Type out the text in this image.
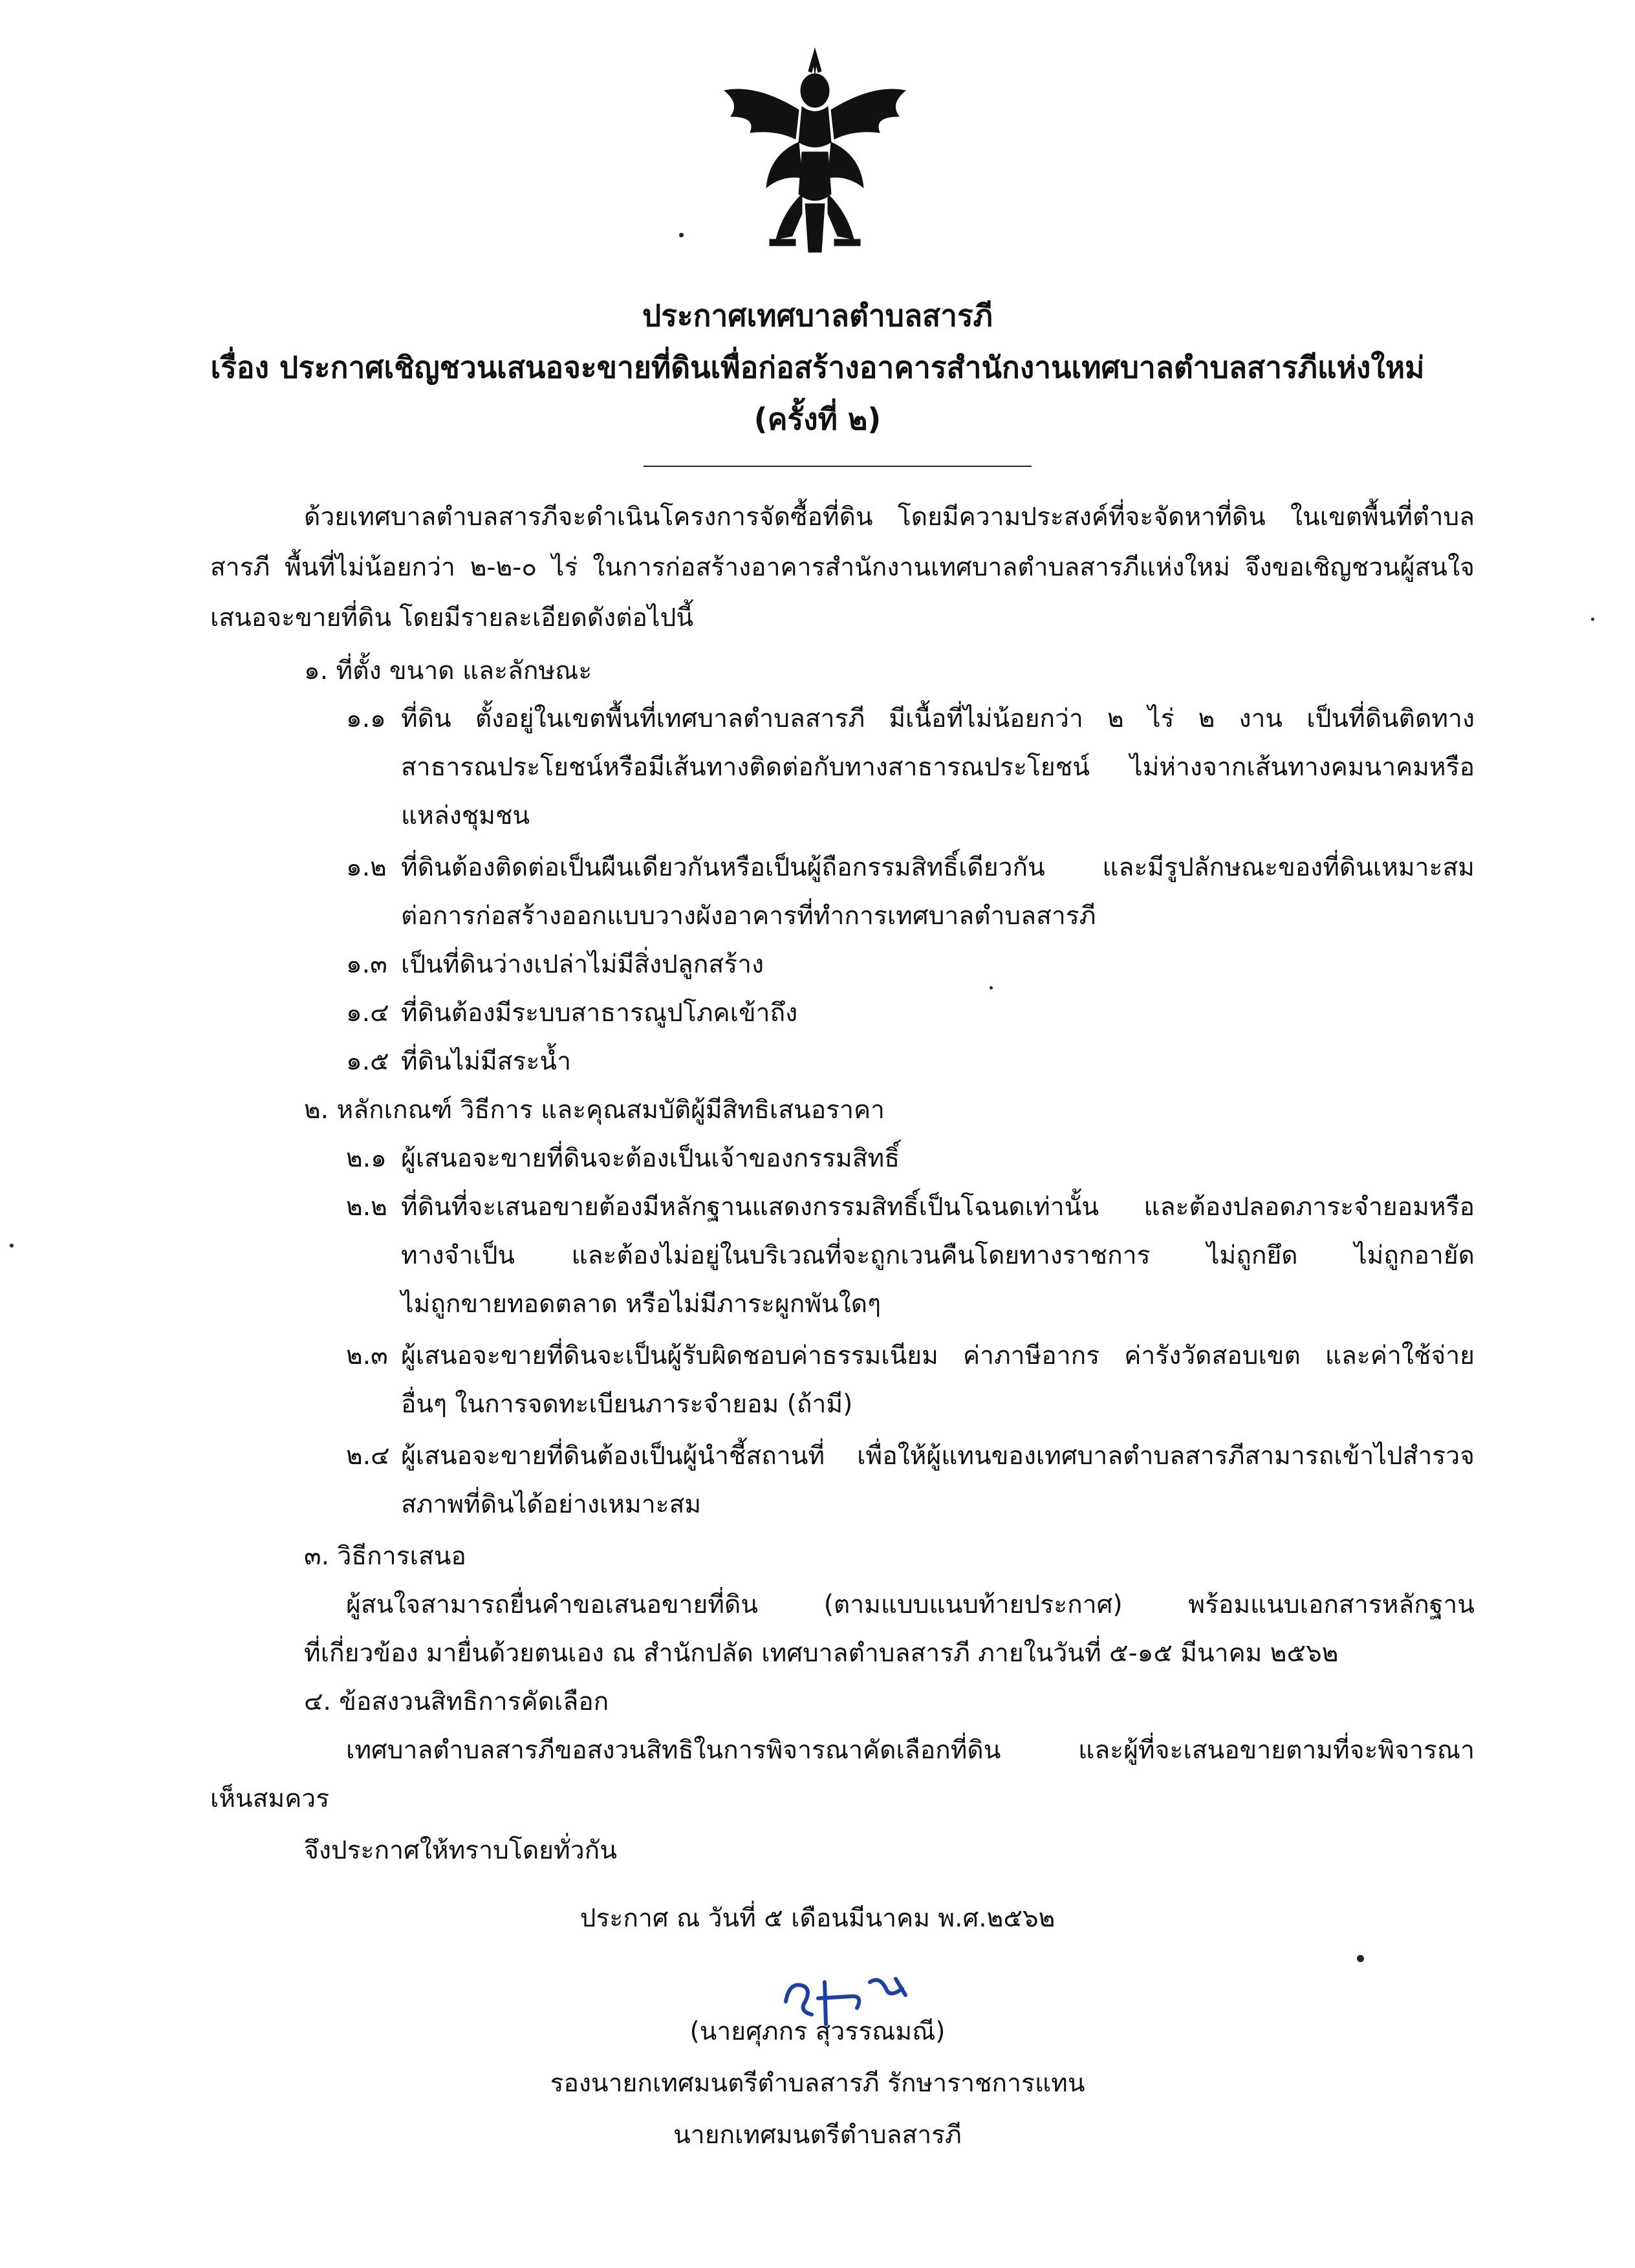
ประกาศเทศบาลตำบลสารภี
เรื่อง ประกาศเชิญชวนเสนอจะขายที่ดินเพื่อก่อสร้างอาคารสำนักงานเทศบาลตำบลสารภีแห่งใหม่
(ครั้งที่ ๒)
ด้วยเทศบาลตำบลสารภีจะดำเนินโครงการจัดซื้อที่ดิน โดยมีความประสงค์ที่จะจัดหาที่ดิน ในเขตพื้นที่ตำบล
สารภี พื้นที่ไม่น้อยกว่า ๒-๒-๐ ไร่ ในการก่อสร้างอาคารสำนักงานเทศบาลตำบลสารภีแห่งใหม่ จึงขอเชิญชวนผู้สนใจ
เสนอจะขายที่ดิน โดยมีรายละเอียดดังต่อไปนี้
๑. ที่ตั้ง ขนาด และลักษณะ
๑.๑ ที่ดิน ตั้งอยู่ในเขตพื้นที่เทศบาลตำบลสารภี มีเนื้อที่ไม่น้อยกว่า ๒ ไร่ ๒ งาน เป็นที่ดินติดทาง
สาธารณประโยชน์หรือมีเส้นทางติดต่อกับทางสาธารณประโยชน์ ไม่ห่างจากเส้นทางคมนาคมหรือ
แหล่งชุมชน
๑.๒ ที่ดินต้องติดต่อเป็นผืนเดียวกันหรือเป็นผู้ถือกรรมสิทธิ์เดียวกัน และมีรูปลักษณะของที่ดินเหมาะสม
ต่อการก่อสร้างออกแบบวางผังอาคารที่ทำการเทศบาลตำบลสารภี
๑.๓ เป็นที่ดินว่างเปล่าไม่มีสิ่งปลูกสร้าง
๑.๔ ที่ดินต้องมีระบบสาธารณูปโภคเข้าถึง
๑.๕ ที่ดินไม่มีสระน้ำ
๒. หลักเกณฑ์ วิธีการ และคุณสมบัติผู้มีสิทธิเสนอราคา
๒.๑ ผู้เสนอจะขายที่ดินจะต้องเป็นเจ้าของกรรมสิทธิ์
๒.๒ ที่ดินที่จะเสนอขายต้องมีหลักฐานแสดงกรรมสิทธิ์เป็นโฉนดเท่านั้น และต้องปลอดภาระจำยอมหรือ
ทางจำเป็น และต้องไม่อยู่ในบริเวณที่จะถูกเวนคืนโดยทางราชการ ไม่ถูกยึด ไม่ถูกอายัด
ไม่ถูกขายทอดตลาด หรือไม่มีภาระผูกพันใดๆ
๒.๓ ผู้เสนอจะขายที่ดินจะเป็นผู้รับผิดชอบค่าธรรมเนียม ค่าภาษีอากร ค่ารังวัดสอบเขต และค่าใช้จ่าย
อื่นๆ ในการจดทะเบียนภาระจำยอม (ถ้ามี)
๒.๔ ผู้เสนอจะขายที่ดินต้องเป็นผู้นำชี้สถานที่ เพื่อให้ผู้แทนของเทศบาลตำบลสารภีสามารถเข้าไปสำรวจ
สภาพที่ดินได้อย่างเหมาะสม
๓. วิธีการเสนอ
ผู้สนใจสามารถยื่นคำขอเสนอขายที่ดิน (ตามแบบแนบท้ายประกาศ) พร้อมแนบเอกสารหลักฐาน
ที่เกี่ยวข้อง มายื่นด้วยตนเอง ณ สำนักปลัด เทศบาลตำบลสารภี ภายในวันที่ ๕-๑๕ มีนาคม ๒๕๖๒
๔. ข้อสงวนสิทธิการคัดเลือก
เทศบาลตำบลสารภีขอสงวนสิทธิในการพิจารณาคัดเลือกที่ดิน และผู้ที่จะเสนอขายตามที่จะพิจารณา
เห็นสมควร
จึงประกาศให้ทราบโดยทั่วกัน
ประกาศ ณ วันที่ ๕ เดือนมีนาคม พ.ศ.๒๕๖๒
(นายศุภกร สุวรรณมณี)
รองนายกเทศมนตรีตำบลสารภี รักษาราชการแทน
นายกเทศมนตรีตำบลสารภี
